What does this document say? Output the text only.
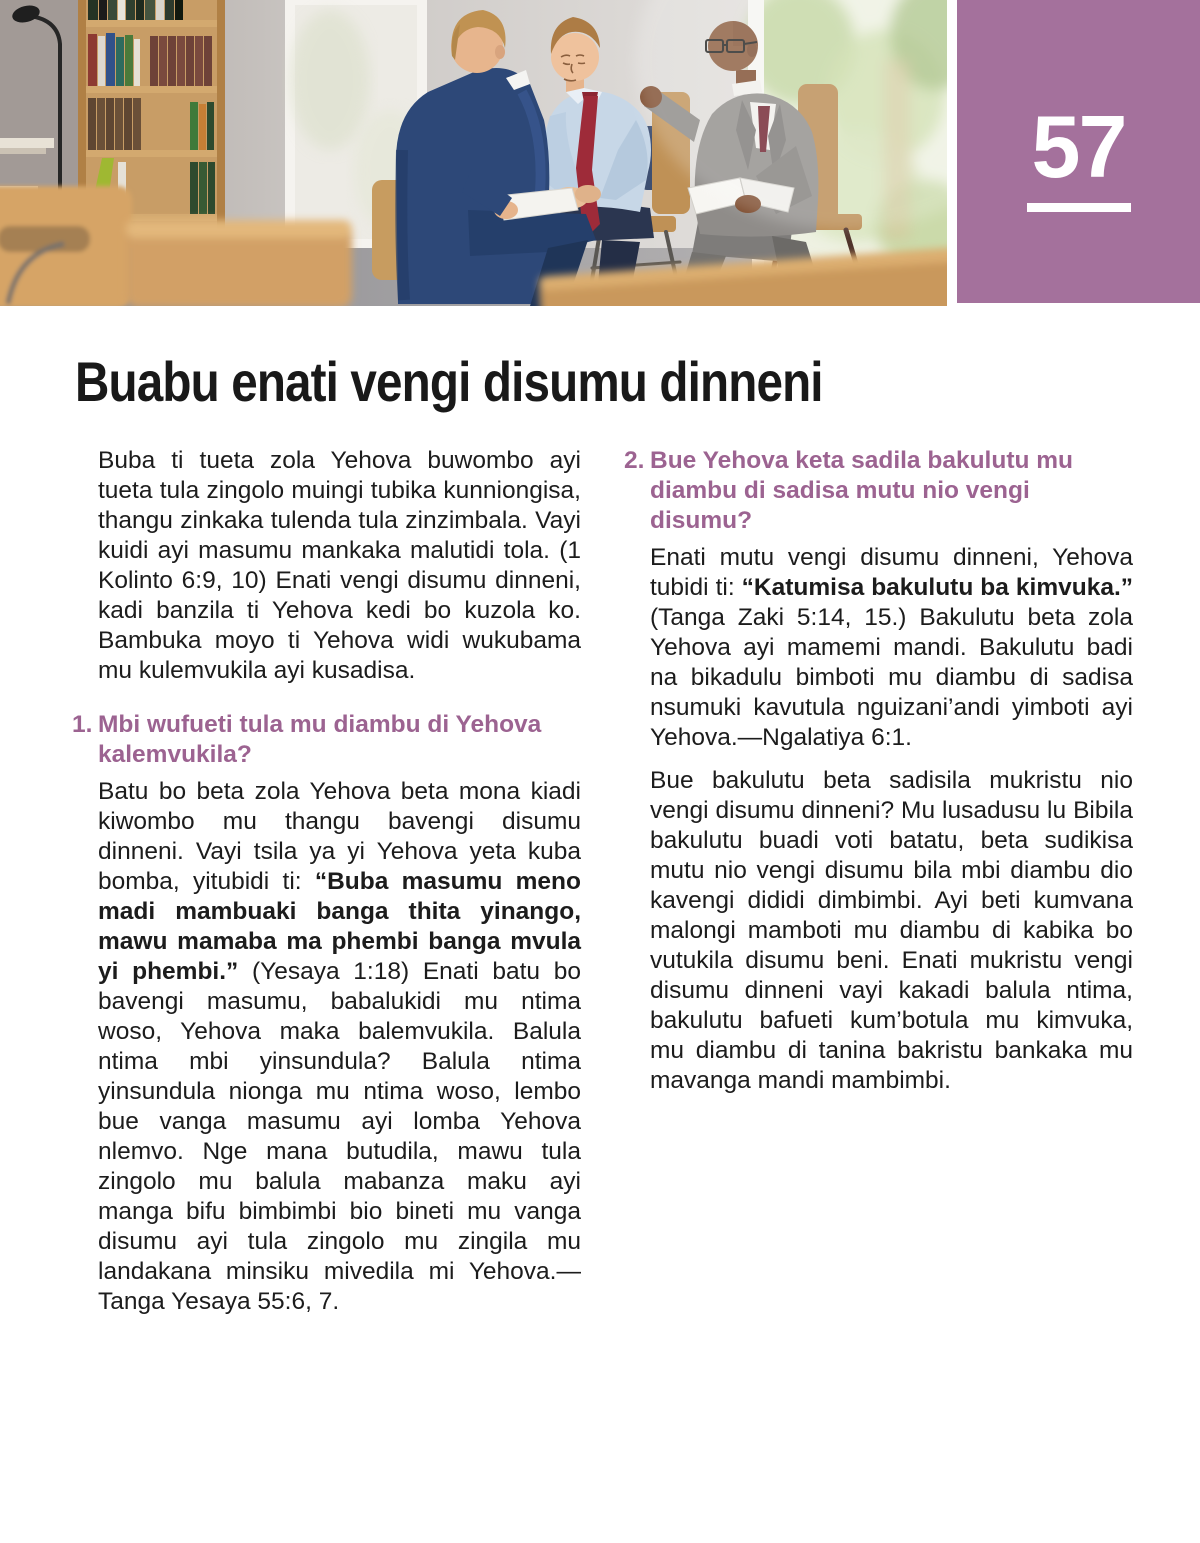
57
Buabu enati vengi disumu dinneni

Buba ti tueta zola Yehova buwombo ayi tueta tula zingolo muingi tubika kunniongisa, thangu zinkaka tulenda tula zinzimbala. Vayi kuidi ayi masumu mankaka malutidi tola. (1 Kolinto 6:9, 10) Enati vengi disumu dinneni, kadi banzila ti Yehova kedi bo kuzola ko. Bambuka moyo ti Yehova widi wukubama mu kulemvukila ayi kusadisa.

1. Mbi wufueti tula mu diambu di Yehova kalemvukila?

Batu bo beta zola Yehova beta mona kiadi kiwombo mu thangu bavengi disumu dinneni. Vayi tsila ya yi Yehova yeta kuba bomba, yitubidi ti: “Buba masumu meno madi mambuaki banga thita yinango, mawu mamaba ma phembi banga mvula yi phembi.” (Yesaya 1:18) Enati batu bo bavengi masumu, babalukidi mu ntima woso, Yehova maka balemvukila. Balula ntima mbi yinsundula? Balula ntima yinsundula nionga mu ntima woso, lembo bue vanga masumu ayi lomba Yehova nlemvo. Nge mana butudila, mawu tula zingolo mu balula mabanza maku ayi manga bifu bimbimbi bio bineti mu vanga disumu ayi tula zingolo mu zingila mu landakana minsiku mivedila mi Yehova.—Tanga Yesaya 55:6, 7.

2. Bue Yehova keta sadila bakulutu mu diambu di sadisa mutu nio vengi disumu?

Enati mutu vengi disumu dinneni, Yehova tubidi ti: “Katumisa bakulutu ba kimvuka.” (Tanga Zaki 5:14, 15.) Bakulutu beta zola Yehova ayi mamemi mandi. Bakulutu badi na bikadulu bimboti mu diambu di sadisa nsumuki kavutula nguizani’andi yimboti ayi Yehova.—Ngalatiya 6:1.

Bue bakulutu beta sadisila mukristu nio vengi disumu dinneni? Mu lusadusu lu Bibila bakulutu buadi voti batatu, beta sudikisa mutu nio vengi disumu bila mbi diambu dio kavengi dididi dimbimbi. Ayi beti kumvana malongi mamboti mu diambu di kabika bo vutukila disumu beni. Enati mukristu vengi disumu dinneni vayi kakadi balula ntima, bakulutu bafueti kum’botula mu kimvuka, mu diambu di tanina bakristu bankaka mu mavanga mandi mambimbi.
